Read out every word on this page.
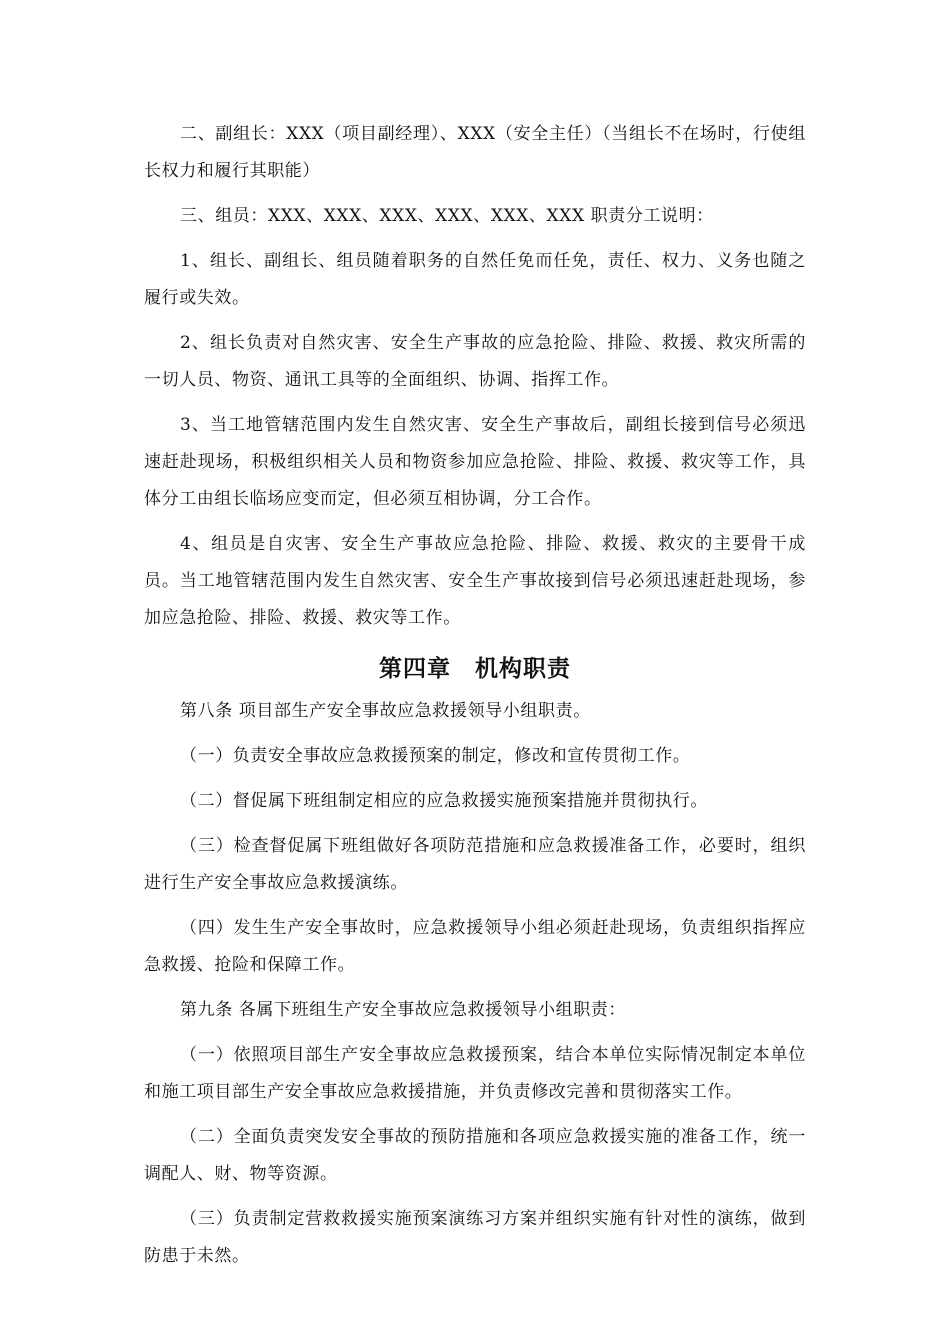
二、副组长：XXX（项目副经理）、XXX（安全主任）（当组长不在场时，行使组长权力和履行其职能）

三、组员：XXX、XXX、XXX、XXX、XXX、XXX 职责分工说明：

1、组长、副组长、组员随着职务的自然任免而任免，责任、权力、义务也随之履行或失效。

2、组长负责对自然灾害、安全生产事故的应急抢险、排险、救援、救灾所需的一切人员、物资、通讯工具等的全面组织、协调、指挥工作。

3、当工地管辖范围内发生自然灾害、安全生产事故后，副组长接到信号必须迅速赶赴现场，积极组织相关人员和物资参加应急抢险、排险、救援、救灾等工作，具体分工由组长临场应变而定，但必须互相协调，分工合作。

4、组员是自灾害、安全生产事故应急抢险、排险、救援、救灾的主要骨干成员。当工地管辖范围内发生自然灾害、安全生产事故接到信号必须迅速赶赴现场，参加应急抢险、排险、救援、救灾等工作。

第四章　机构职责

第八条 项目部生产安全事故应急救援领导小组职责。

（一）负责安全事故应急救援预案的制定，修改和宣传贯彻工作。

（二）督促属下班组制定相应的应急救援实施预案措施并贯彻执行。

（三）检查督促属下班组做好各项防范措施和应急救援准备工作，必要时，组织进行生产安全事故应急救援演练。

（四）发生生产安全事故时，应急救援领导小组必须赶赴现场，负责组织指挥应急救援、抢险和保障工作。

第九条 各属下班组生产安全事故应急救援领导小组职责：

（一）依照项目部生产安全事故应急救援预案，结合本单位实际情况制定本单位和施工项目部生产安全事故应急救援措施，并负责修改完善和贯彻落实工作。

（二）全面负责突发安全事故的预防措施和各项应急救援实施的准备工作，统一调配人、财、物等资源。

（三）负责制定营救救援实施预案演练习方案并组织实施有针对性的演练，做到防患于未然。
